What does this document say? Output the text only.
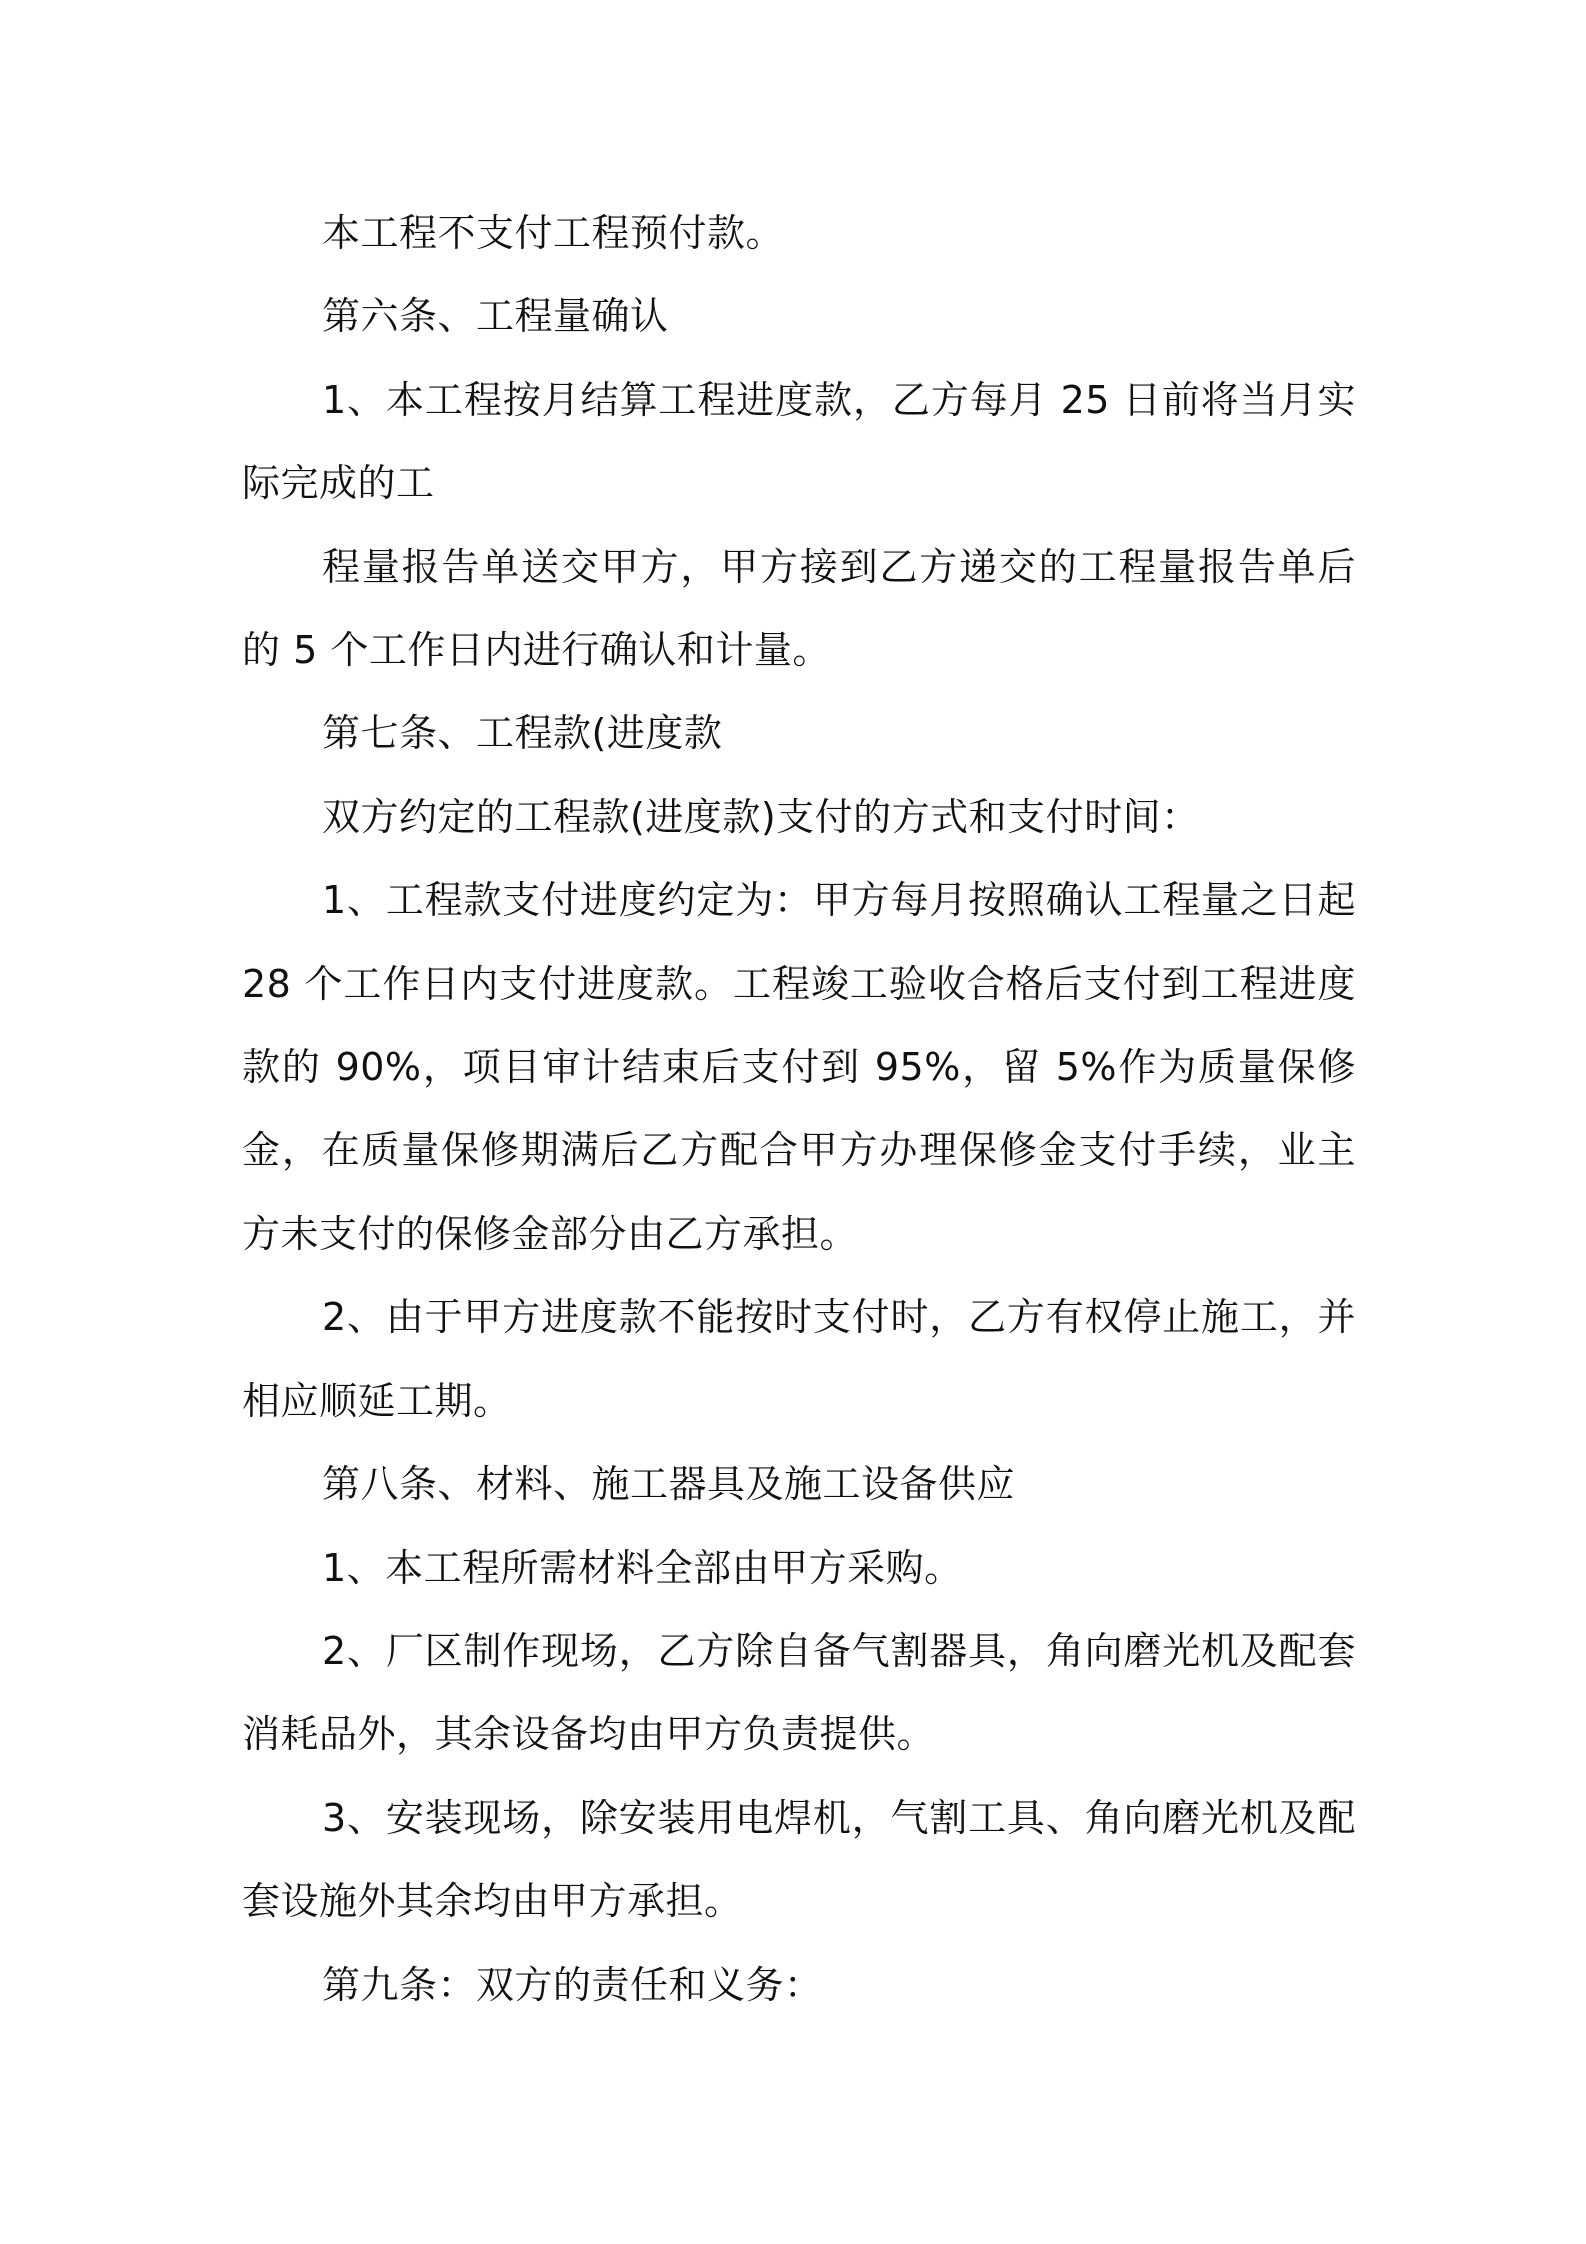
本工程不支付工程预付款。

第六条、工程量确认

1、本工程按月结算工程进度款，乙方每月 25 日前将当月实际完成的工

程量报告单送交甲方，甲方接到乙方递交的工程量报告单后的 5 个工作日内进行确认和计量。

第七条、工程款(进度款

双方约定的工程款(进度款)支付的方式和支付时间：

1、工程款支付进度约定为：甲方每月按照确认工程量之日起 28 个工作日内支付进度款。工程竣工验收合格后支付到工程进度款的 90%，项目审计结束后支付到 95%，留 5%作为质量保修金，在质量保修期满后乙方配合甲方办理保修金支付手续，业主方未支付的保修金部分由乙方承担。

2、由于甲方进度款不能按时支付时，乙方有权停止施工，并相应顺延工期。

第八条、材料、施工器具及施工设备供应

1、本工程所需材料全部由甲方采购。

2、厂区制作现场，乙方除自备气割器具，角向磨光机及配套消耗品外，其余设备均由甲方负责提供。

3、安装现场，除安装用电焊机，气割工具、角向磨光机及配套设施外其余均由甲方承担。

第九条：双方的责任和义务：
